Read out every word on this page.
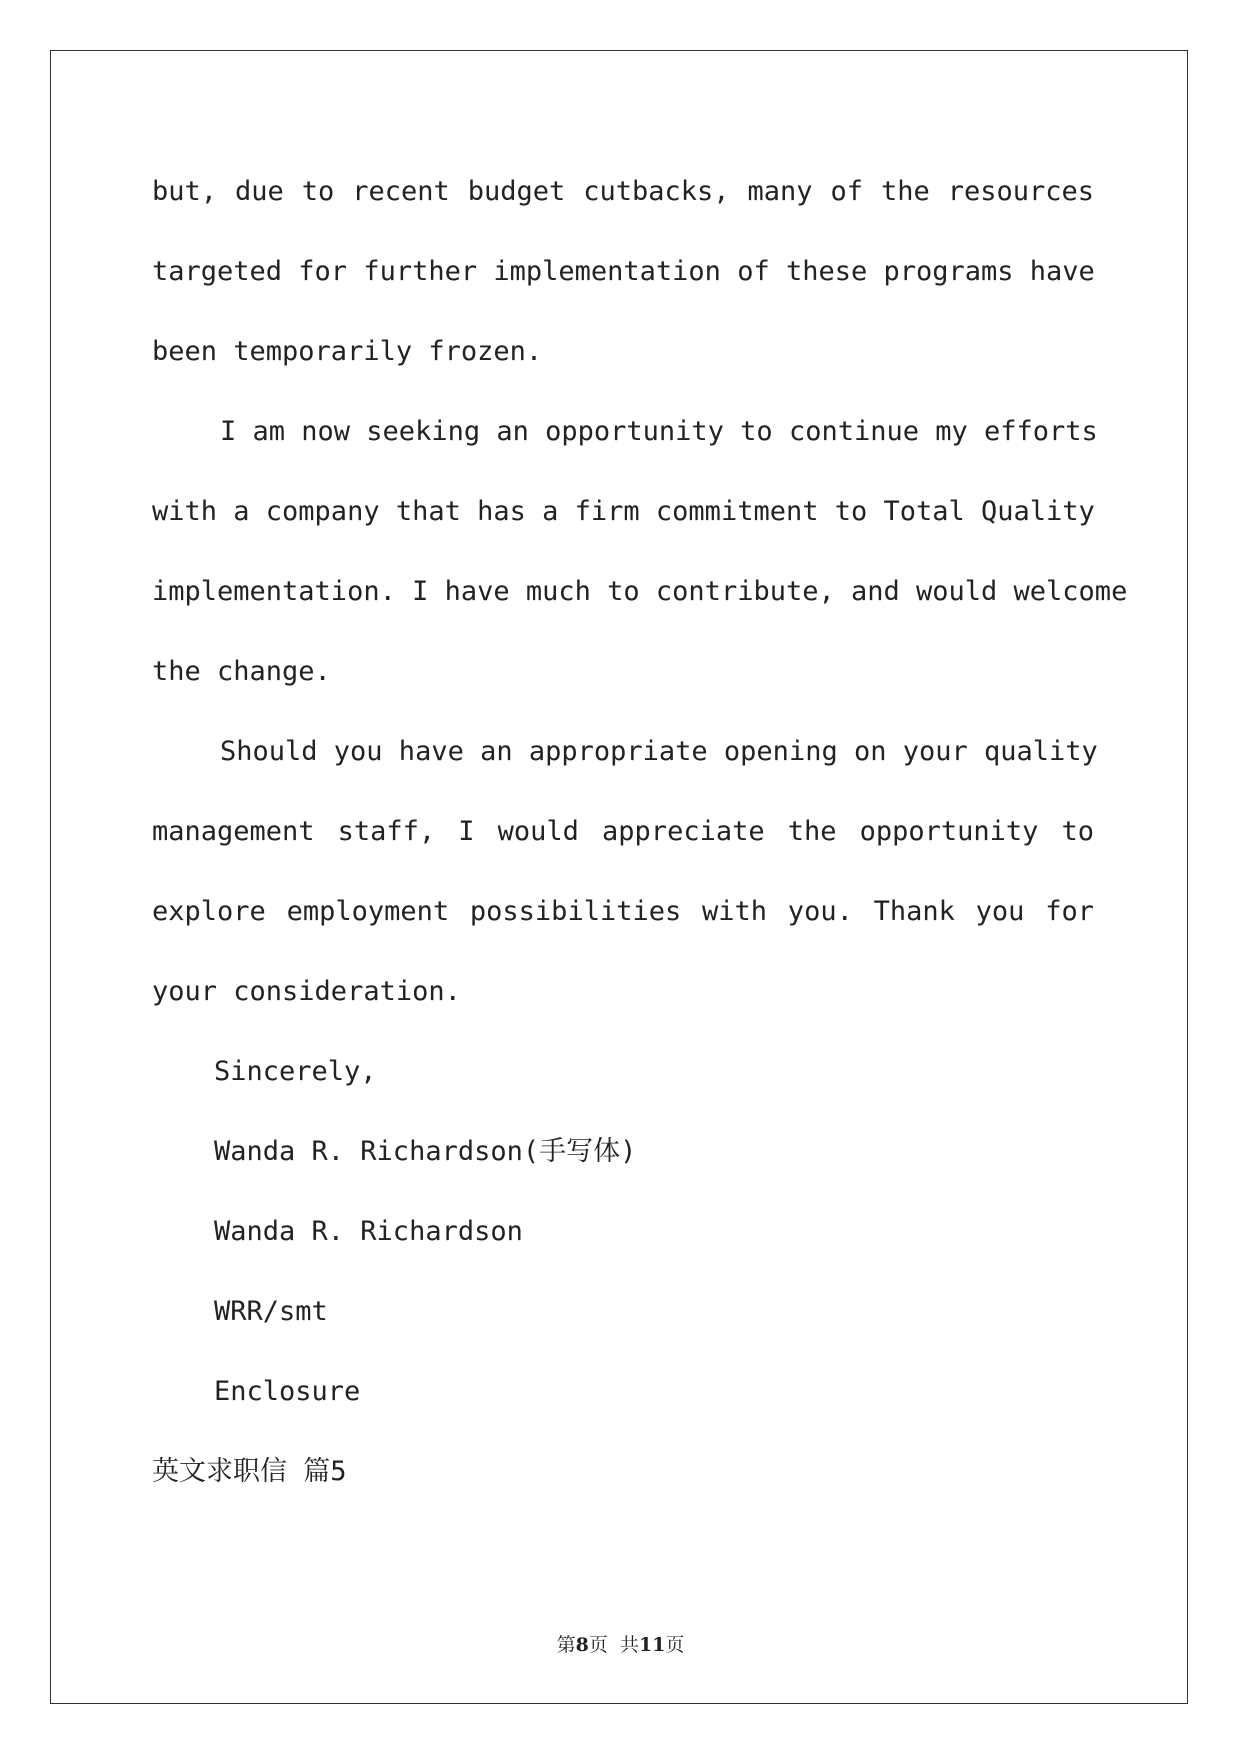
but, due to recent budget cutbacks, many of the resources
targeted for further implementation of these programs have
been temporarily frozen.
I am now seeking an opportunity to continue my efforts
with a company that has a firm commitment to Total Quality
implementation. I have much to contribute, and would welcome
the change.
Should you have an appropriate opening on your quality
management staff, I would appreciate the opportunity to
explore employment possibilities with you. Thank you for
your consideration.
Sincerely,
Wanda R. Richardson(手写体)
Wanda R. Richardson
WRR/smt
Enclosure
英文求职信 篇5
第8页  共11页
